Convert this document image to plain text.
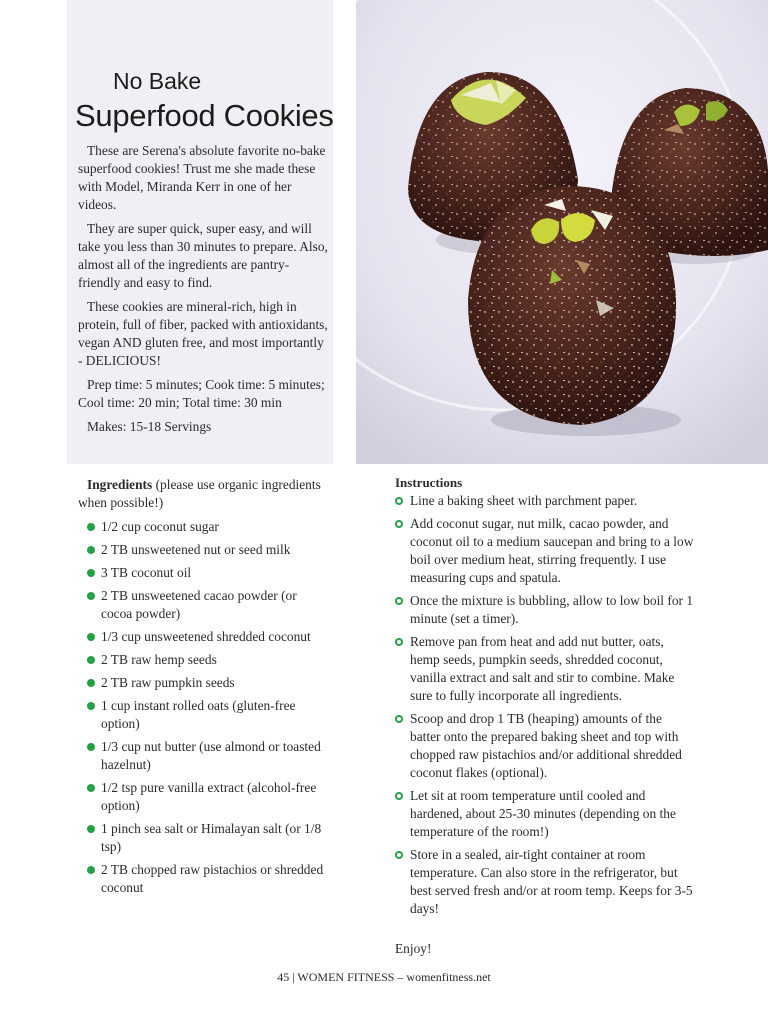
No Bake
Superfood Cookies

These are Serena's absolute favorite no-bake superfood cookies! Trust me she made these with Model, Miranda Kerr in one of her videos.

They are super quick, super easy, and will take you less than 30 minutes to prepare. Also, almost all of the ingredients are pantry-friendly and easy to find.

These cookies are mineral-rich, high in protein, full of fiber, packed with antioxidants, vegan AND gluten free, and most importantly - DELICIOUS!

Prep time: 5 minutes; Cook time: 5 minutes; Cool time: 20 min; Total time: 30 min

Makes: 15-18 Servings

Ingredients (please use organic ingredients when possible!)

1/2 cup coconut sugar
2 TB unsweetened nut or seed milk
3 TB coconut oil
2 TB unsweetened cacao powder (or cocoa powder)
1/3 cup unsweetened shredded coconut
2 TB raw hemp seeds
2 TB raw pumpkin seeds
1 cup instant rolled oats (gluten-free option)
1/3 cup nut butter (use almond or toasted hazelnut)
1/2 tsp pure vanilla extract (alcohol-free option)
1 pinch sea salt or Himalayan salt (or 1/8 tsp)
2 TB chopped raw pistachios or shredded coconut
Instructions
Line a baking sheet with parchment paper.
Add coconut sugar, nut milk, cacao powder, and coconut oil to a medium saucepan and bring to a low boil over medium heat, stirring frequently. I use measuring cups and spatula.
Once the mixture is bubbling, allow to low boil for 1 minute (set a timer).
Remove pan from heat and add nut butter, oats, hemp seeds, pumpkin seeds, shredded coconut, vanilla extract and salt and stir to combine. Make sure to fully incorporate all ingredients.
Scoop and drop 1 TB (heaping) amounts of the batter onto the prepared baking sheet and top with chopped raw pistachios and/or additional shredded coconut flakes (optional).
Let sit at room temperature until cooled and hardened, about 25-30 minutes (depending on the temperature of the room!)
Store in a sealed, air-tight container at room temperature. Can also store in the refrigerator, but best served fresh and/or at room temp. Keeps for 3-5 days!
Enjoy!
45 | WOMEN FITNESS – womenfitness.net
